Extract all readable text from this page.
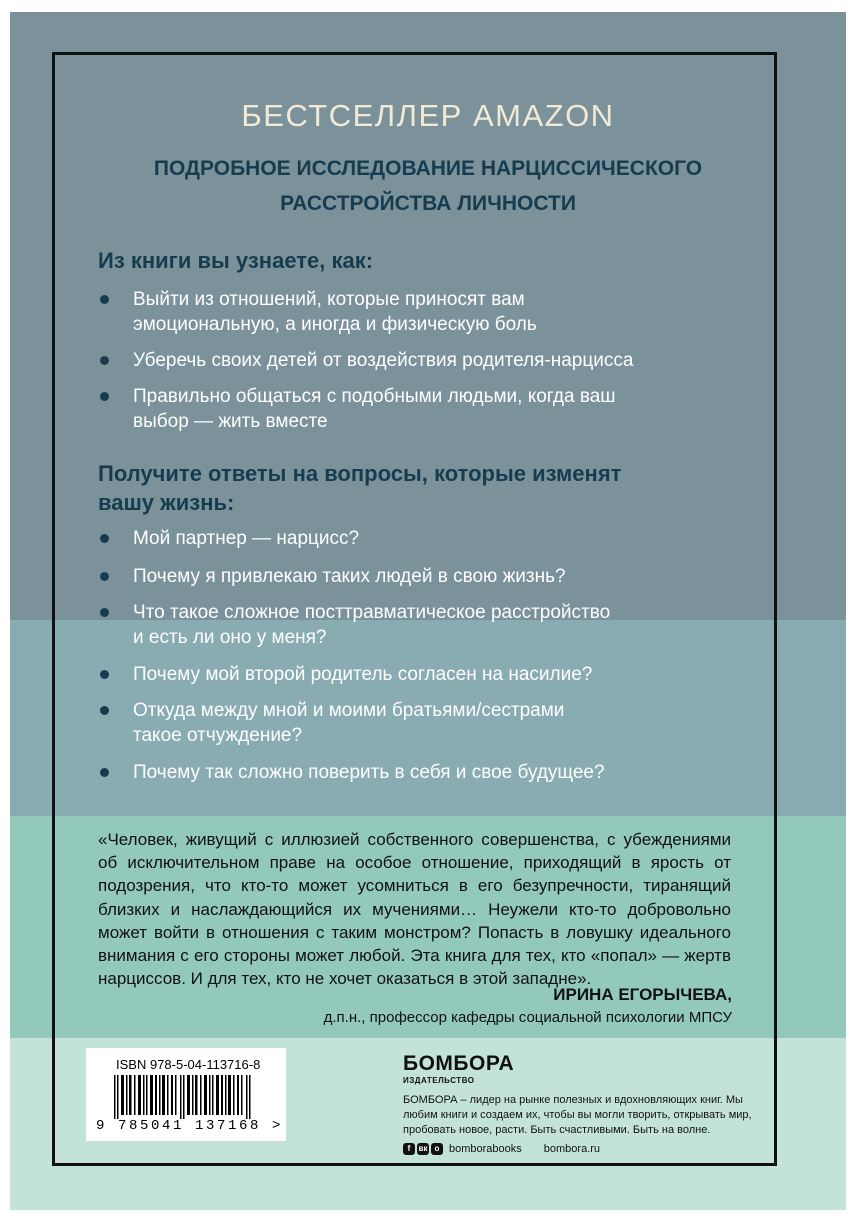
БЕСТСЕЛЛЕР AMAZON
ПОДРОБНОЕ ИССЛЕДОВАНИЕ НАРЦИССИЧЕСКОГО
РАССТРОЙСТВА ЛИЧНОСТИ
Из книги вы узнаете, как:
Выйти из отношений, которые приносят вам
эмоциональную, а иногда и физическую боль
Уберечь своих детей от воздействия родителя-нарцисса
Правильно общаться с подобными людьми, когда ваш
выбор — жить вместе
Получите ответы на вопросы, которые изменят
вашу жизнь:
Мой партнер — нарцисс?
Почему я привлекаю таких людей в свою жизнь?
Что такое сложное посттравматическое расстройство
и есть ли оно у меня?
Почему мой второй родитель согласен на насилие?
Откуда между мной и моими братьями/сестрами
такое отчуждение?
Почему так сложно поверить в себя и свое будущее?
«Человек, живущий с иллюзией собственного совершенства, с убеждениями об исключительном праве на особое отношение, приходящий в ярость от подозрения, что кто-то может усомниться в его безупречности, тиранящий близких и наслаждающийся их мучениями… Неужели кто-то добровольно может войти в отношения с таким монстром? Попасть в ловушку идеального внимания с его стороны может любой. Эта книга для тех, кто «попал» — жертв нарциссов. И для тех, кто не хочет оказаться в этой западне».
ИРИНА ЕГОРЫЧЕВА,
д.п.н., профессор кафедры социальной психологии МПСУ
ISBN 978-5-04-113716-8
9 785041 137168 >
БОМБОРА
ИЗДАТЕЛЬСТВО
БОМБОРА – лидер на рынке полезных и вдохновляющих книг. Мы любим книги и создаем их, чтобы вы могли творить, открывать мир, пробовать новое, расти. Быть счастливыми. Быть на волне.
f	вк о bomborabooks bombora.ru
